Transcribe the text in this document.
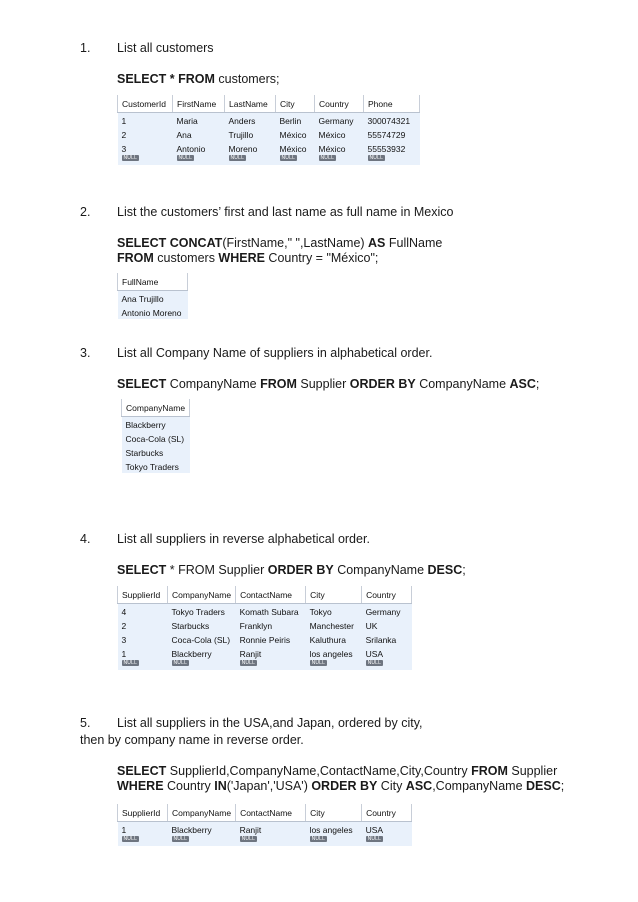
1. List all customers
SELECT * FROM customers;
CustomerId	FirstName	LastName	City	Country	Phone
1	Maria	Anders	Berlin	Germany	300074321
2	Ana	Trujillo	México	México	55574729
3	Antonio	Moreno	México	México	55553932
NULL	NULL	NULL	NULL	NULL	NULL
2. List the customers’ first and last name as full name in Mexico
SELECT CONCAT(FirstName," ",LastName) AS FullName
FROM customers WHERE Country = "México";
FullName
Ana Trujillo
Antonio Moreno
3. List all Company Name of suppliers in alphabetical order.
SELECT CompanyName FROM Supplier ORDER BY CompanyName ASC;
CompanyName
Blackberry
Coca-Cola (SL)
Starbucks
Tokyo Traders
4. List all suppliers in reverse alphabetical order.
SELECT * FROM Supplier ORDER BY CompanyName DESC;
SupplierId	CompanyName	ContactName	City	Country
4	Tokyo Traders	Komath Subara	Tokyo	Germany
2	Starbucks	Franklyn	Manchester	UK
3	Coca-Cola (SL)	Ronnie Peiris	Kaluthura	Srilanka
1	Blackberry	Ranjit	los angeles	USA
NULL	NULL	NULL	NULL	NULL
5. List all suppliers in the USA,and Japan, ordered by city,
then by company name in reverse order.
SELECT SupplierId,CompanyName,ContactName,City,Country FROM Supplier
WHERE Country IN('Japan','USA') ORDER BY City ASC,CompanyName DESC;
SupplierId	CompanyName	ContactName	City	Country
1	Blackberry	Ranjit	los angeles	USA
NULL	NULL	NULL	NULL	NULL
